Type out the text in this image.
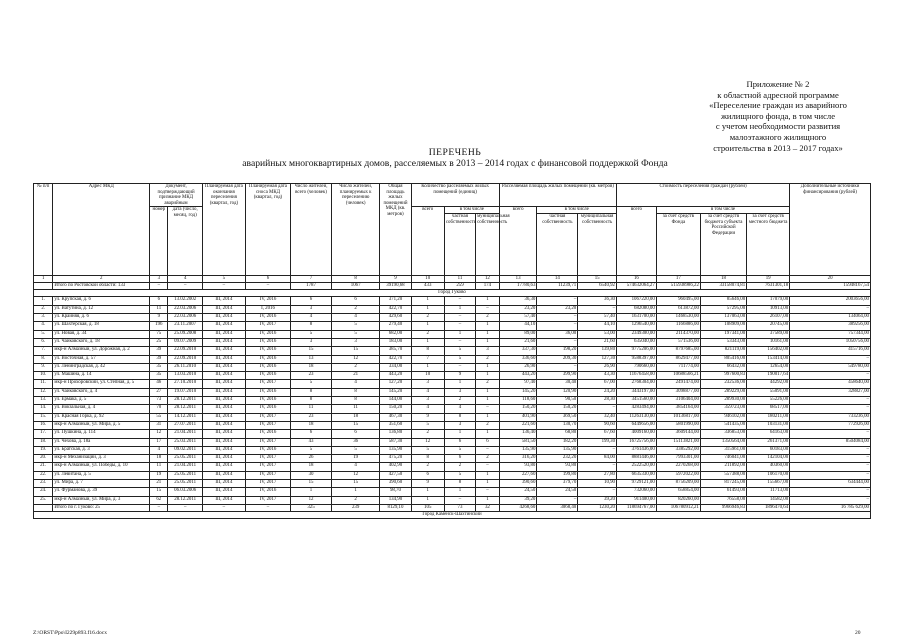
Приложение № 2
к областной адресной программе
«Переселение граждан из аварийного
жилищного фонда, в том числе
с учетом необходимости развития
малоэтажного жилищного
строительства в 2013 – 2017 годах»
ПЕРЕЧЕНЬ
аварийных многоквартирных домов, расселяемых в 2013 – 2014 годах с финансовой поддержкой Фонда
№ п/п	Адрес МКД	Документ, подтверждающий признание МКД аварийным		Планируемая дата окончания переселения (квартал, год)	Планируемая дата сноса МКД (квартал, год)	Число жителей, всего (человек)	Число жителей, планируемых к переселению (человек)	Общая площадь жилых помещений МКД (кв. метров)	Количество расселяемых жилых помещений (единиц)			Расселяемая площадь жилых помещений (кв. метров)			Стоимость переселения граждан (рублей)				Дополнительные источники финансирования (рублей)
		номер	дата (число, месяц, год)						всего	в том числе		всего	в том числе		всего	в том числе			
										частная собственность	муниципальная собственность		частная собственность	муниципальная собственность		за счет средств Фонда	за счет средств бюджета субъекта Российской Федерации	за счет средств местного бюджета	
1	2	3	4	5	6	7	8	9	10	11	12	13	14	15	16	17	18	19	20
	Итого по Ростовской области: 133	–	–	–	–	1787	1067	39190,68	433	259	174	17780,63	11239,71	6540,92	574632064,27	515938986,22	33158074,81	7631301,18	15948167,54
Город Гуково																			
1.	ул. Крупская, д. 6	6	13.02.2002	III, 2014	IV, 2016	6	6	371,20	1	–	1	36,30	–	36,30	1067220,00	960495,00	85646,00	17079,00	2003656,00
2.	ул. Ватутина, д. 12	11	22.03.2006	III, 2014	I, 2016	3	2	422,70	1	1	–	23,20	23,20	–	682080,00	613872,00	57295,00	10913,00	–
3.	ул. Крайняя, д. 6	9	22.03.2006	III, 2014	IV, 2016	4	4	429,60	2	–	2	57,40	–	57,40	1631700,00	1468530,00	137063,00	26107,00	134064,00
4.	ул. Шахтерская, д. 18	196	23.11.2007	III, 2014	IV, 2017	8	5	279,40	1	–	1	44,10	–	44,10	1296540,00	1166886,00	108909,00	20745,00	389256,00
5.	ул. Новая, д. 34	75	25.09.2008	III, 2014	IV, 2016	5	5	682,00	2	1	1	89,00	36,00	53,00	2349300,00	2114370,00	197341,00	37589,00	757344,00
6.	ул. Чайковского, д. 18	25	09.07.2009	III, 2014	IV, 2016	3	3	183,00	1	–	1	21,60	–	21,60	635040,00	571536,00	53343,00	10161,00	1050756,00
7.	мкр-н Алмазный, ул. Дорожная, д. 2	39	22.09.2010	III, 2014	IV, 2016	15	15	385,70	8	5	3	337,30	198,20	139,80	9775206,00	8797685,00	821119,00	156402,00	415716,00
8.	ул. Восточная, д. 57	39	22.09.2010	III, 2014	IV, 2016	13	12	422,70	7	5	2	336,60	209,30	127,30	9588397,00	8629477,00	805416,00	153414,00	–
9.	ул. Ленинградская, д. 42	35	26.11.2010	III, 2014	IV, 2016	18	2	334,00	1	–	1	26,90	–	26,90	790660,00	711774,00	66432,00	12654,00	549780,00
10.	ул. Машина, д. 14	35	13.03.2010	III, 2014	IV, 2016	23	21	443,20	10	9	1	443,20	399,90	43,30	11676458,00	10688566,21	997600,83	190017,64	–
11.	мкр-н Прохоровский, ул. Степная, д. 5	46	27.10.2010	III, 2014	IV, 2017	5	4	127,20	3	1	2	97,40	30,40	67,00	2768304,00	2491474,00	232536,00	44292,00	458640,00
12.	ул. Чайковского, д. 4	27	19.07.2010	III, 2014	IV, 2016	8	8	145,20	4	3	1	145,20	120,90	24,20	3443197,00	3098877,00	289229,00	55091,00	328827,00
13.	ул. Ермака, д. 5	73	28.12.2011	III, 2014	IV, 2016	8	8	144,00	3	2	1	118,60	90,50	28,30	3451560,00	3106404,00	289930,00	55226,00	–
14.	ул. Вокзальная, д. 4	70	28.12.2011	III, 2014	IV, 2016	11	11	150,20	4	4	–	150,20	150,20	–	4283494,00	3854164,00	359723,00	68517,00	–
15.	ул. Красная Горка, д. 92	55	14.12.2011	III, 2014	IV, 2017	23	18	467,30	9	8	1	401,90	369,50	32,40	11263130,00	10136817,00	946102,00	180211,00	733236,00
16.	мкр-н Алмазный, ул. Мира, д. 5	31	27.07.2011	III, 2014	IV, 2017	18	15	351,60	5	3	2	221,60	130,70	90,60	6449656,00	5801990,00	541435,00	103131,00	772926,00
17.	ул. Пушкина, д. 114	12	21.04.2011	III, 2014	IV, 2016	6	6	136,80	2	1	1	136,40	68,80	67,60	4009160,00	3609144,00	336853,00	64163,00	–
18.	ул. Чехова, д. 18а	17	25.03.2011	III, 2014	IV, 2017	43	36	587,30	12	6	6	581,50	182,20	199,30	16725756,00	15113821,00	1350564,00	261371,00	8504084,00
19.	ул. Братская, д. 3	4	09.02.2011	III, 2014	IV, 2016	5	5	135,90	5	5	–	135,90	135,90	–	3761436,00	3385292,00	315961,00	60183,00	–
20.	мкр-н Механизации, д. 3	18	25.05.2011	III, 2014	IV, 2017	26	19	475,20	8	6	2	316,20	232,20	84,00	8881446,00	7993301,00	746041,00	142104,00	–
21.	мкр-н Алмазный, ул. Победы, д. 10	11	21.04.2011	III, 2014	IV, 2017	18	4	402,90	2	2	–	93,80	93,80	–	2522520,00	2270268,00	211892,00	40360,00	–
22.	ул. Левитана, д. 5	19	25.05.2011	III, 2014	IV, 2017	30	12	427,50	6	5	1	227,60	199,80	27,80	6635330,00	5972022,00	557388,00	106170,00	–
23.	ул. Мира, д. 7	21	25.05.2011	III, 2014	IV, 2017	15	15	390,60	9	8	1	390,60	379,70	10,90	9729121,00	8756209,00	817245,00	155667,00	634444,00
24.	ул. Фурманова, д. 39	15	06.03.2006	III, 2014	IV, 2016	1	1	98,70	1	1	–	24,50	24,50	–	732060,00	658854,00	61493,00	11713,00	–
25.	мкр-н Алмазный, ул. Мира, д. 3	62	28.12.2011	III, 2014	IV, 2017	12	2	134,90	1	–	1	39,20	–	39,20	911400,00	820260,00	76558,00	14582,00	–
	Итого по г. Гуково: 25	–	–	–	–	325	239	8129,10	105	73	32	4268,60	3068,40	1230,20	118694767,00	106780912,21	9966946,83	1896470,64	16 785 629,00
Город Каменск-Шахтинский																			
Z:\ORST\Ppo\I229p893.f16.docx	20
